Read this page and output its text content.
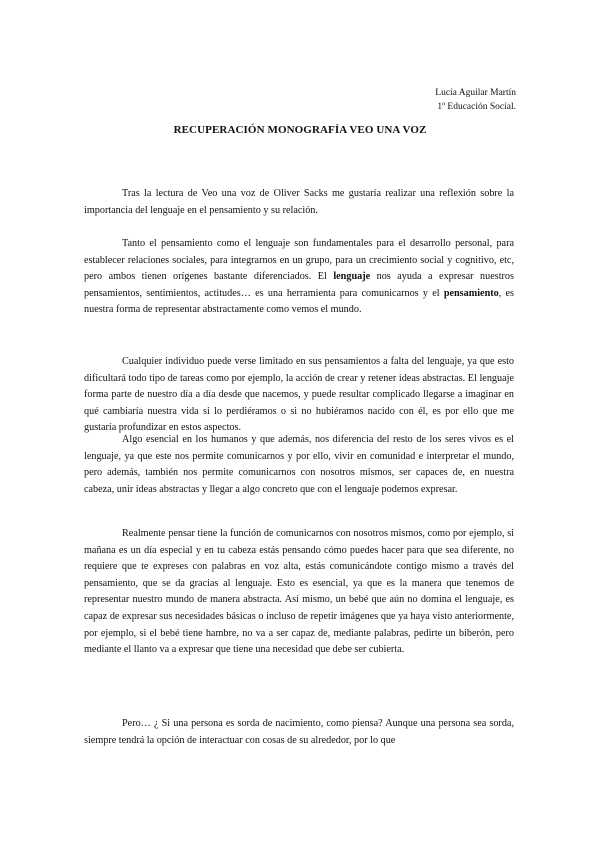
Lucía Aguilar Martín
1º Educación Social.
RECUPERACIÓN MONOGRAFÍA VEO UNA VOZ

Tras la lectura de Veo una voz de Oliver Sacks me gustaría realizar una reflexión sobre la importancia del lenguaje en el pensamiento y su relación.

Tanto el pensamiento como el lenguaje son fundamentales para el desarrollo personal, para establecer relaciones sociales, para integrarnos en un grupo, para un crecimiento social y cognitivo, etc, pero ambos tienen orígenes bastante diferenciados. El lenguaje nos ayuda a expresar nuestros pensamientos, sentimientos, actitudes… es una herramienta para comunicarnos y el pensamiento, es nuestra forma de representar abstractamente como vemos el mundo.

Cualquier individuo puede verse limitado en sus pensamientos a falta del lenguaje, ya que esto dificultará todo tipo de tareas como por ejemplo, la acción de crear y retener ideas abstractas. El lenguaje forma parte de nuestro día a día desde que nacemos, y puede resultar complicado llegarse a imaginar en qué cambiaría nuestra vida si lo perdiéramos o si no hubiéramos nacido con él, es por ello que me gustaría profundizar en estos aspectos.

Algo esencial en los humanos y que además, nos diferencia del resto de los seres vivos es el lenguaje, ya que este nos permite comunicarnos y por ello, vivir en comunidad e interpretar el mundo, pero además, también nos permite comunicarnos con nosotros mismos, ser capaces de, en nuestra cabeza, unir ideas abstractas y llegar a algo concreto que con el lenguaje podemos expresar.

Realmente pensar tiene la función de comunicarnos con nosotros mismos, como por ejemplo, si mañana es un día especial y en tu cabeza estás pensando cómo puedes hacer para que sea diferente, no requiere que te expreses con palabras en voz alta, estás comunicándote contigo mismo a través del pensamiento, que se da gracias al lenguaje. Esto es esencial, ya que es la manera que tenemos de representar nuestro mundo de manera abstracta. Así mismo, un bebé que aún no domina el lenguaje, es capaz de expresar sus necesidades básicas o incluso de repetir imágenes que ya haya visto anteriormente, por ejemplo, si el bebé tiene hambre, no va a ser capaz de, mediante palabras, pedirte un biberón, pero mediante el llanto va a expresar que tiene una necesidad que debe ser cubierta.

Pero… ¿ Si una persona es sorda de nacimiento, como piensa? Aunque una persona sea sorda, siempre tendrá la opción de interactuar con cosas de su alrededor, por lo que
